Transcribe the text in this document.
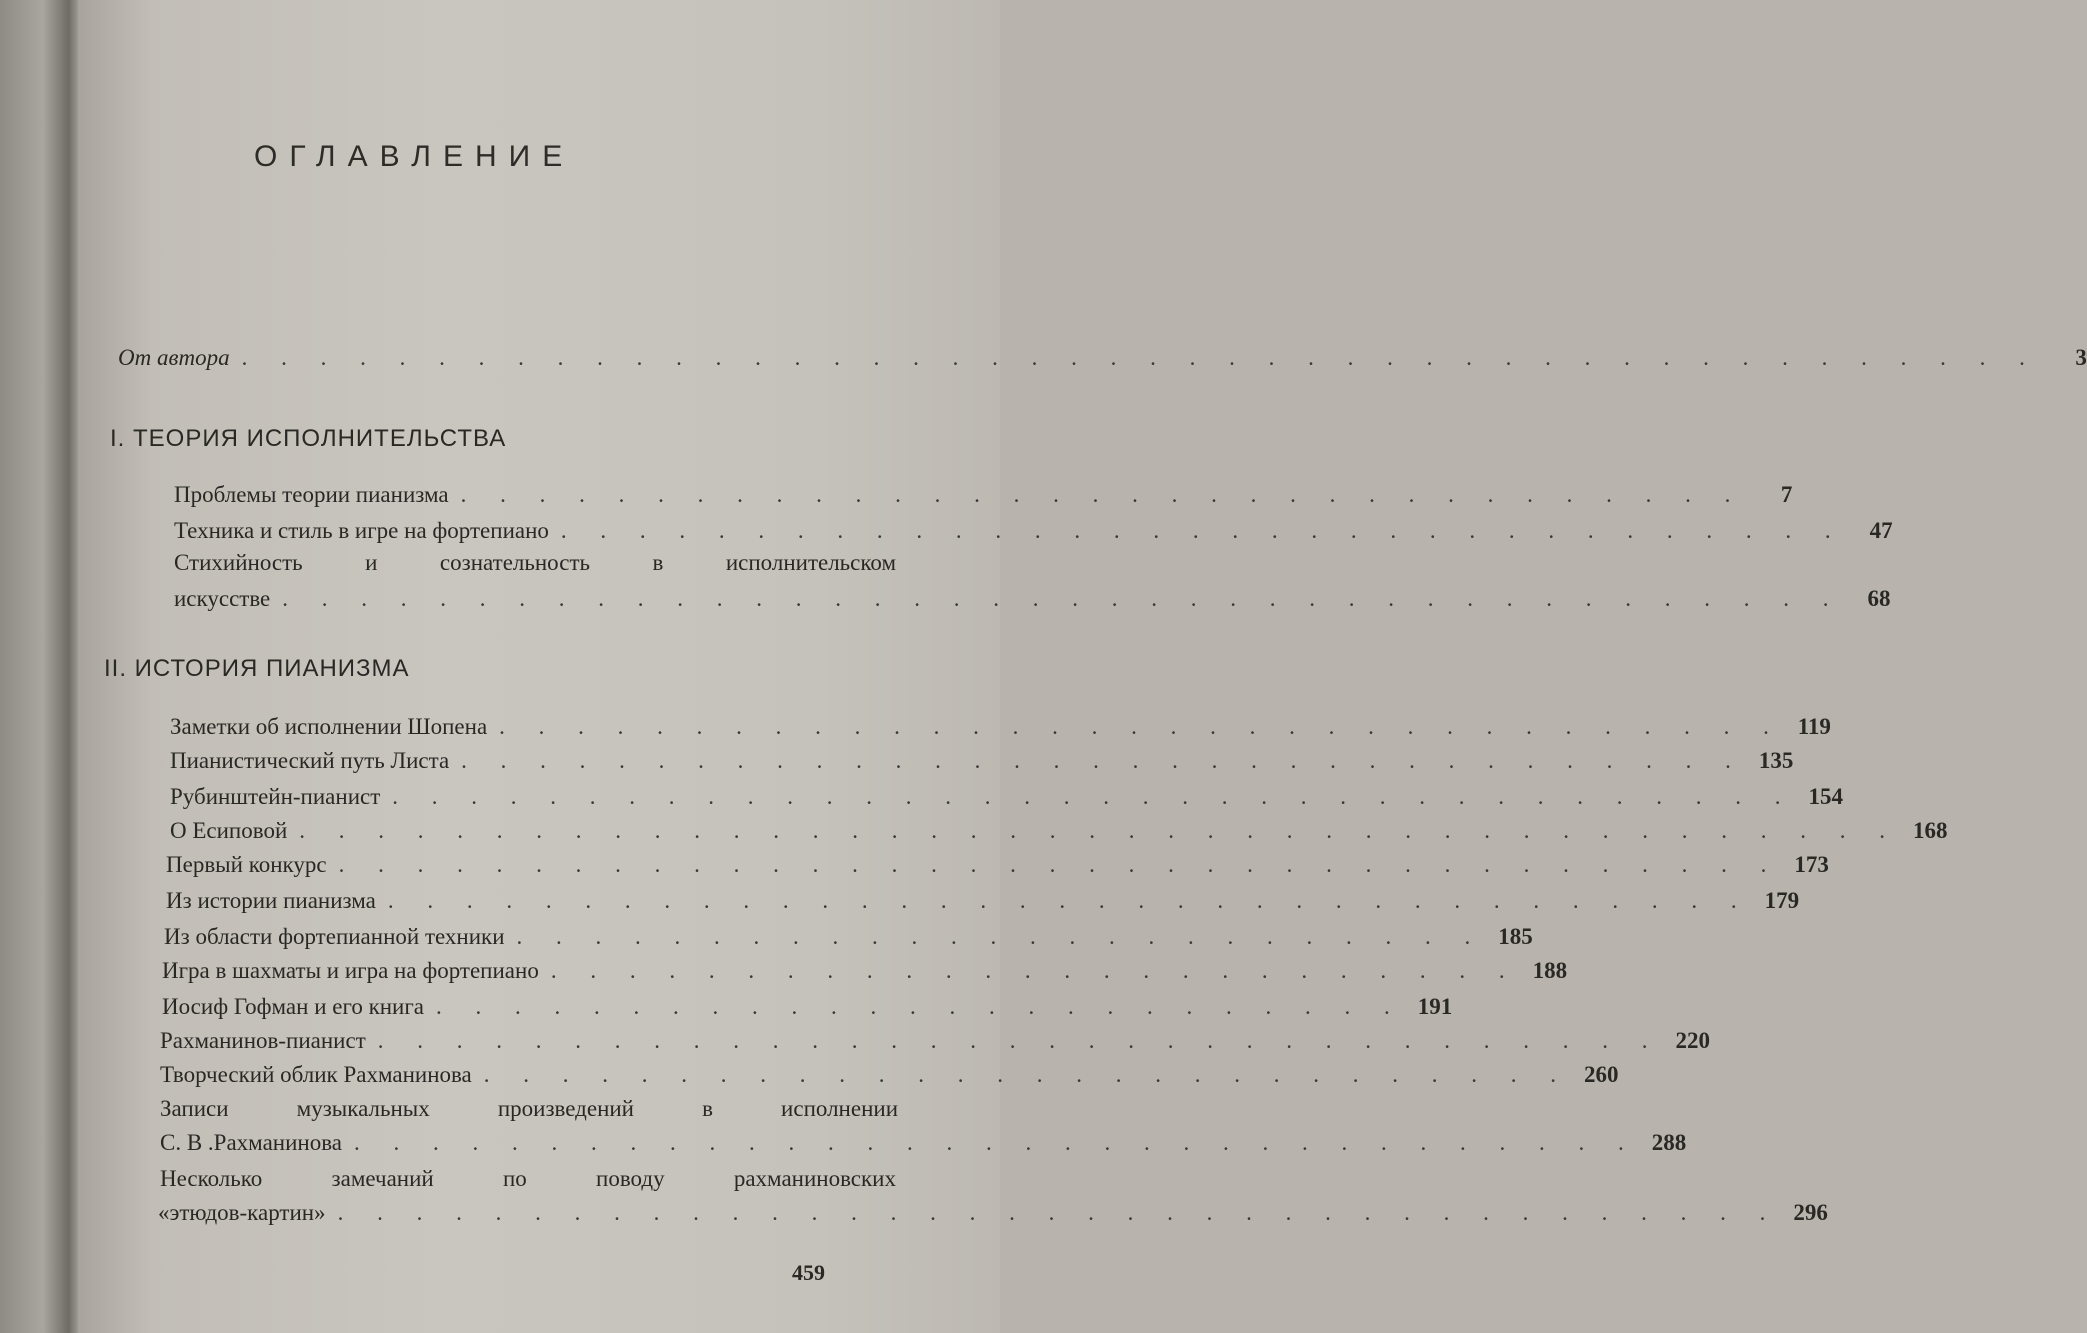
ОГЛАВЛЕНИЕ
От автора . . . . . . . . . . . . . . . . . . . . . . . . . . . . . . . . . . . . . . . . . . . . . .	3
I. ТЕОРИЯ ИСПОЛНИТЕЛЬСТВА
Проблемы теории пианизма . . . . . . . . . . . . . . . . . . . . . . . . . . . . . . . . .	7
Техника и стиль в игре на фортепиано . . . . . . . . . . . . . . . . . . . . . . . . . . . . . . . . .	47
Стихийность и сознательность в исполнительском
искусстве . . . . . . . . . . . . . . . . . . . . . . . . . . . . . . . . . . . . . . . .	68
II. ИСТОРИЯ ПИАНИЗМА
Заметки об исполнении Шопена . . . . . . . . . . . . . . . . . . . . . . . . . . . . . . . . . 119
Пианистический путь Листа . . . . . . . . . . . . . . . . . . . . . . . . . . . . . . . . . 135
Рубинштейн-пианист . . . . . . . . . . . . . . . . . . . . . . . . . . . . . . . . . . . . 154
О Есиповой . . . . . . . . . . . . . . . . . . . . . . . . . . . . . . . . . . . . . . . . . 168
Первый конкурс . . . . . . . . . . . . . . . . . . . . . . . . . . . . . . . . . . . . . 173
Из истории пианизма . . . . . . . . . . . . . . . . . . . . . . . . . . . . . . . . . . . 179
Из области фортепианной техники . . . . . . . . . . . . . . . . . . . . . . . . . 185
Игра в шахматы и игра на фортепиано . . . . . . . . . . . . . . . . . . . . . . . . . 188
Иосиф Гофман и его книга . . . . . . . . . . . . . . . . . . . . . . . . . 191
Рахманинов-пианист . . . . . . . . . . . . . . . . . . . . . . . . . . . . . . . . . 220
Творческий облик Рахманинова . . . . . . . . . . . . . . . . . . . . . . . . . . . . 260
Записи музыкальных произведений в исполнении
С. В .Рахманинова . . . . . . . . . . . . . . . . . . . . . . . . . . . . . . . . . 288
Несколько замечаний по поводу рахманиновских
«этюдов-картин» . . . . . . . . . . . . . . . . . . . . . . . . . . . . . . . . . . . . . 296
459
